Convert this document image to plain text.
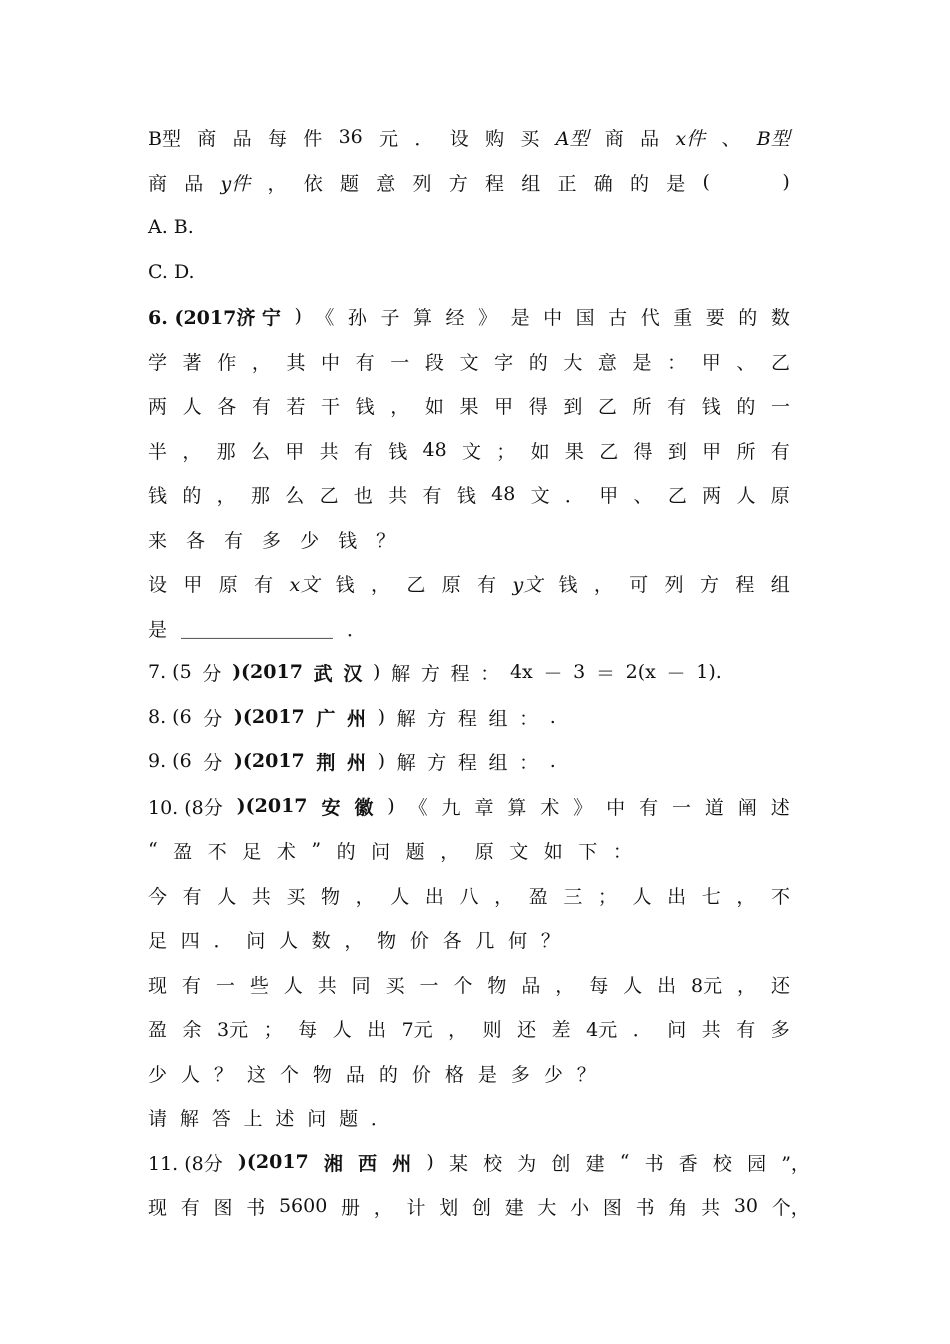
B型 商 品 每 件 36 元 ． 设 购 买 A型 商 品 x件 、 B型
商 品 y件 ， 依 题 意 列 方 程 组 正 确 的 是 (
　　	)
A. B.
C. D.
6. (2017济 宁 ) 《 孙 子 算 经 》 是 中 国 古 代 重 要 的 数
学 著 作 ， 其 中 有 一 段 文 字 的 大 意 是 ： 甲 、 乙
两 人 各 有 若 干 钱 ， 如 果 甲 得 到 乙 所 有 钱 的 一
半 ， 那 么 甲 共 有 钱 48 文 ； 如 果 乙 得 到 甲 所 有
钱 的 ， 那 么 乙 也 共 有 钱 48 文 ． 甲 、 乙 两 人 原
来 各 有 多 少 钱 ？
设 甲 原 有 x文 钱 ， 乙 原 有 y文 钱 ， 可 列 方 程 组
是 ________________ ．
7. (5 分 )(2017 武 汉 ) 解 方 程 ： 4x － 3 ＝ 2(x － 1).
8. (6 分 )(2017 广 州 ) 解 方 程 组 ： .
9. (6 分 )(2017 荆 州 ) 解 方 程 组 ： .
10. (8分 )(2017 安 徽 ) 《 九 章 算 术 》 中 有 一 道 阐 述
“ 盈 不 足 术 ” 的 问 题 ， 原 文 如 下 ：
今 有 人 共 买 物 ， 人 出 八 ， 盈 三 ； 人 出 七 ， 不
足 四 ． 问 人 数 ， 物 价 各 几 何 ？
现 有 一 些 人 共 同 买 一 个 物 品 ， 每 人 出 8元 ， 还
盈 余 3元 ； 每 人 出 7元 ， 则 还 差 4元 ． 问 共 有 多
少 人 ？ 这 个 物 品 的 价 格 是 多 少 ？
请 解 答 上 述 问 题 ．
11. (8分 )(2017 湘 西 州 ) 某 校 为 创 建 “ 书 香 校 园 ”，
现 有 图 书 5600 册 ， 计 划 创 建 大 小 图 书 角 共 30 个，
